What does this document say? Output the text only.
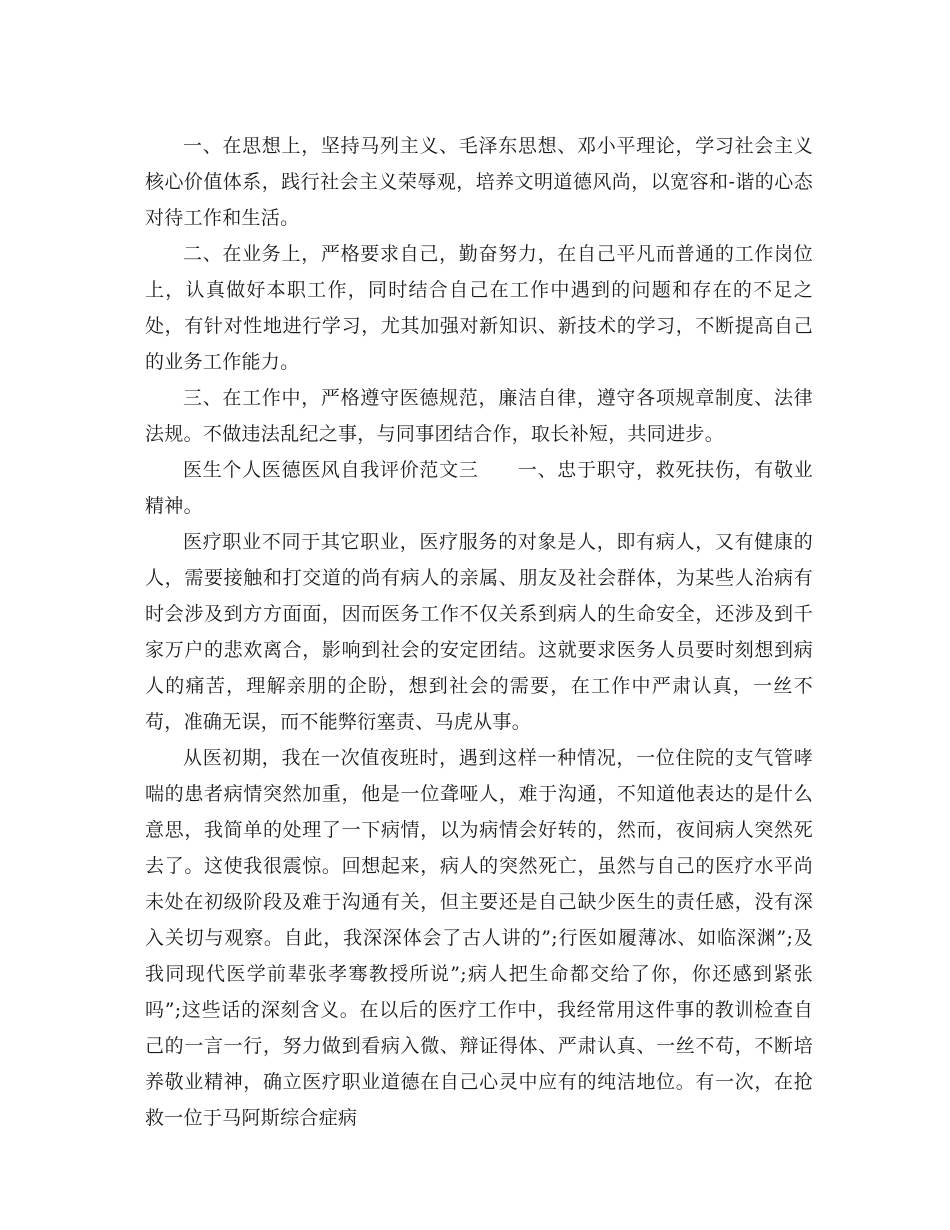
一、在思想上，坚持马列主义、毛泽东思想、邓小平理论，学习社会主义核心价值体系，践行社会主义荣辱观，培养文明道德风尚，以宽容和-谐的心态对待工作和生活。

二、在业务上，严格要求自己，勤奋努力，在自己平凡而普通的工作岗位上，认真做好本职工作，同时结合自己在工作中遇到的问题和存在的不足之处，有针对性地进行学习，尤其加强对新知识、新技术的学习，不断提高自己的业务工作能力。

三、在工作中，严格遵守医德规范，廉洁自律，遵守各项规章制度、法律法规。不做违法乱纪之事，与同事团结合作，取长补短，共同进步。

医生个人医德医风自我评价范文三　　一、忠于职守，救死扶伤，有敬业精神。

医疗职业不同于其它职业，医疗服务的对象是人，即有病人，又有健康的人，需要接触和打交道的尚有病人的亲属、朋友及社会群体，为某些人治病有时会涉及到方方面面，因而医务工作不仅关系到病人的生命安全，还涉及到千家万户的悲欢离合，影响到社会的安定团结。这就要求医务人员要时刻想到病人的痛苦，理解亲朋的企盼，想到社会的需要，在工作中严肃认真，一丝不苟，准确无误，而不能弊衍塞责、马虎从事。

从医初期，我在一次值夜班时，遇到这样一种情况，一位住院的支气管哮喘的患者病情突然加重，他是一位聋哑人，难于沟通，不知道他表达的是什么意思，我简单的处理了一下病情，以为病情会好转的，然而，夜间病人突然死去了。这使我很震惊。回想起来，病人的突然死亡，虽然与自己的医疗水平尚未处在初级阶段及难于沟通有关，但主要还是自己缺少医生的责任感，没有深入关切与观察。自此，我深深体会了古人讲的”;行医如履薄冰、如临深渊”;及我同现代医学前辈张孝骞教授所说”;病人把生命都交给了你，你还感到紧张吗”;这些话的深刻含义。在以后的医疗工作中，我经常用这件事的教训检查自己的一言一行，努力做到看病入微、辩证得体、严肃认真、一丝不苟，不断培养敬业精神，确立医疗职业道德在自己心灵中应有的纯洁地位。有一次，在抢救一位于马阿斯综合症病
